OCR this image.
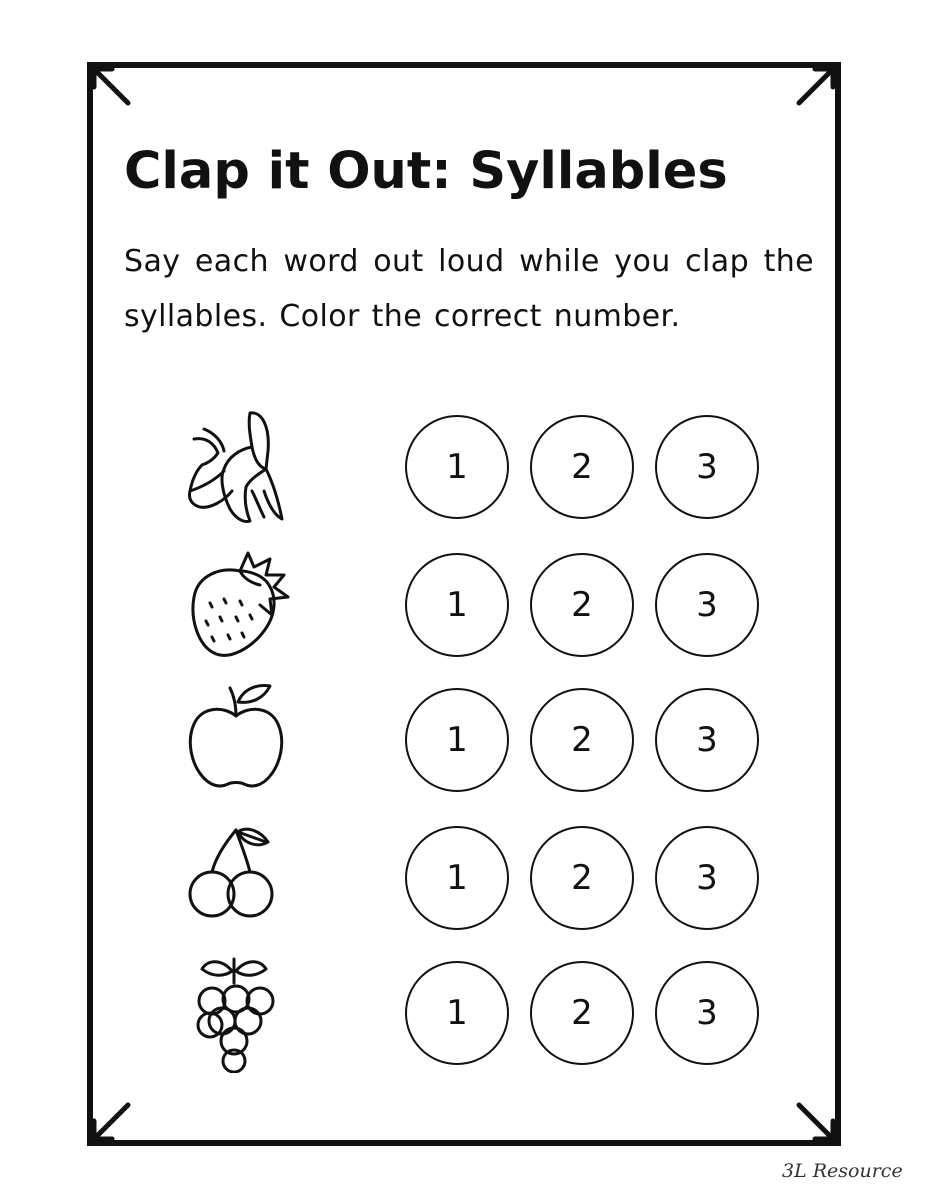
Clap it Out: Syllables
Say each word out loud while you clap the syllables. Color the correct number.
1	2	3
1	2	3
1	2	3
1	2	3
1	2	3
3L Resource
